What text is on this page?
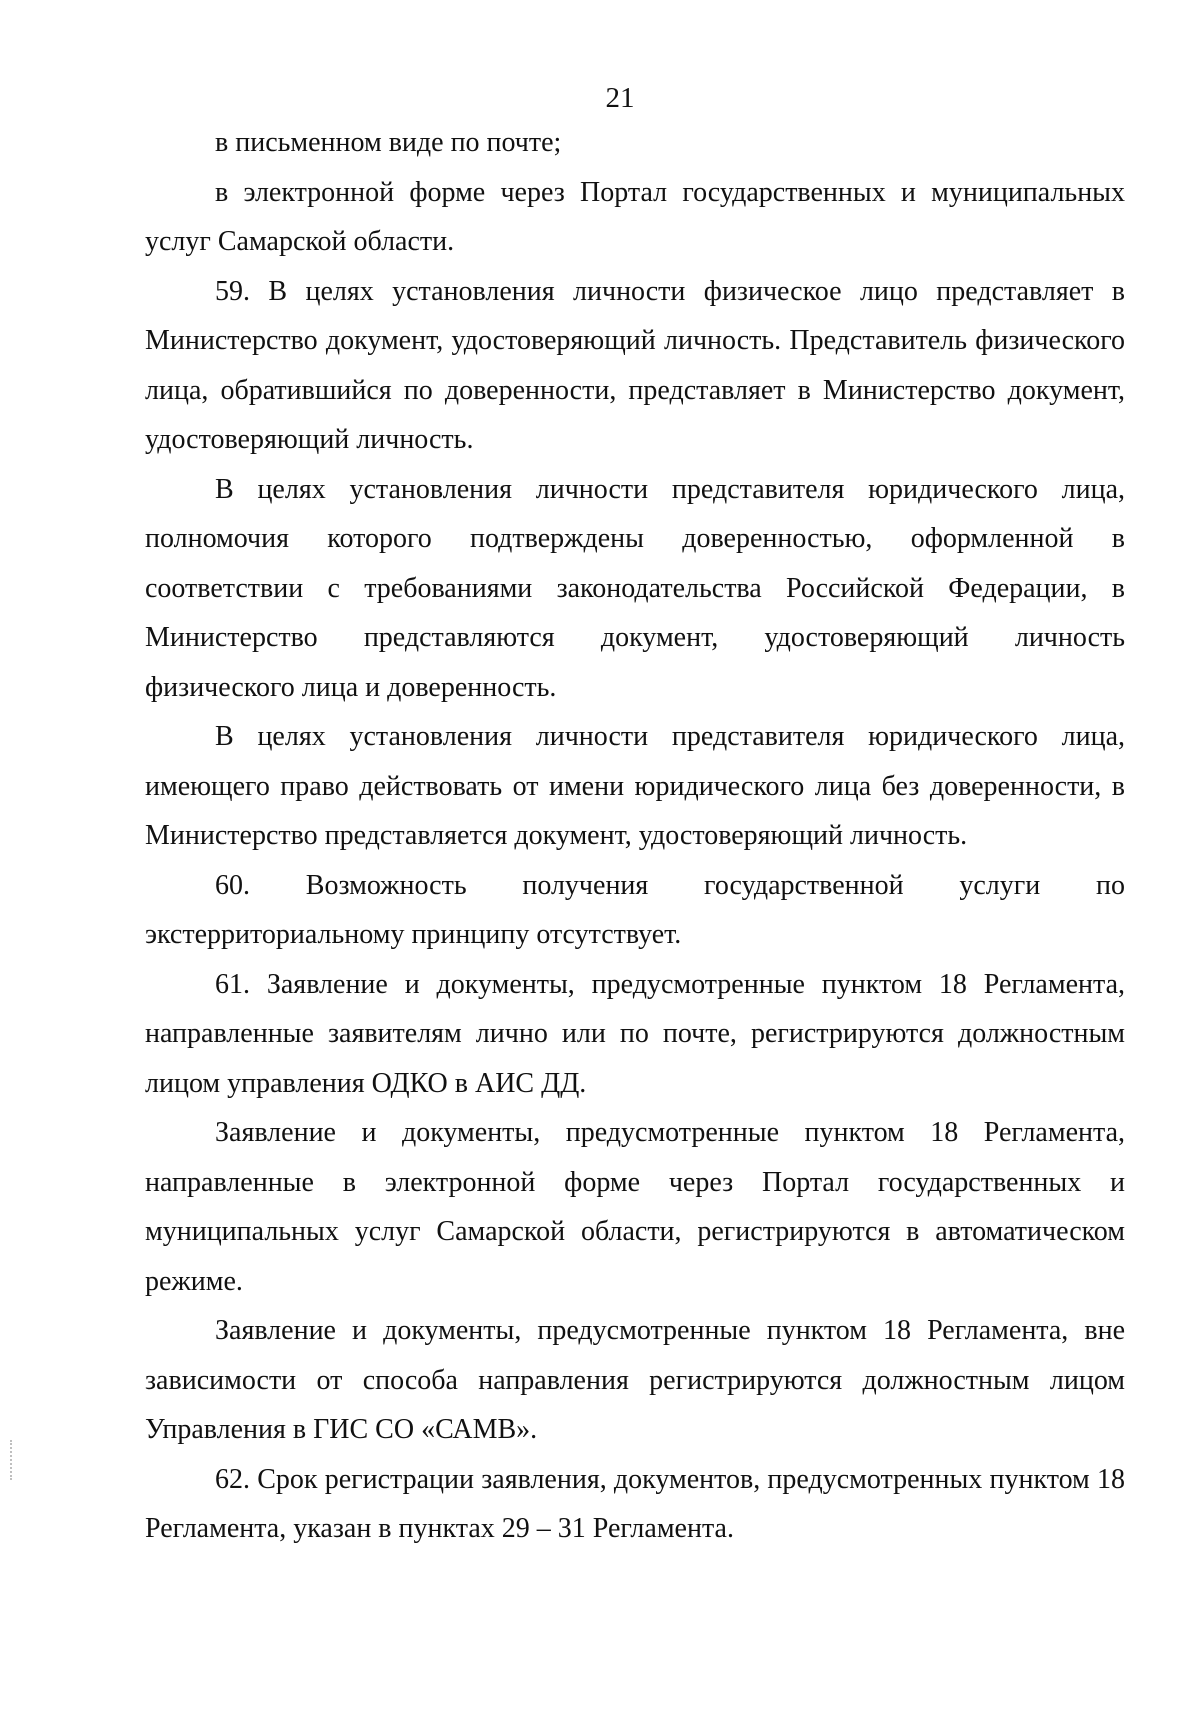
21

в письменном виде по почте;

в электронной форме через Портал государственных и муниципальных услуг Самарской области.

59. В целях установления личности физическое лицо представляет в Министерство документ, удостоверяющий личность. Представитель физического лица, обратившийся по доверенности, представляет в Министерство документ, удостоверяющий личность.

В целях установления личности представителя юридического лица, полномочия которого подтверждены доверенностью, оформленной в соответствии с требованиями законодательства Российской Федерации, в Министерство представляются документ, удостоверяющий личность физического лица и доверенность.

В целях установления личности представителя юридического лица, имеющего право действовать от имени юридического лица без доверенности, в Министерство представляется документ, удостоверяющий личность.

60. Возможность получения государственной услуги по экстерриториальному принципу отсутствует.

61. Заявление и документы, предусмотренные пунктом 18 Регламента, направленные заявителям лично или по почте, регистрируются должностным лицом управления ОДКО в АИС ДД.

Заявление и документы, предусмотренные пунктом 18 Регламента, направленные в электронной форме через Портал государственных и муниципальных услуг Самарской области, регистрируются в автоматическом режиме.

Заявление и документы, предусмотренные пунктом 18 Регламента, вне зависимости от способа направления регистрируются должностным лицом Управления в ГИС СО «САМВ».

62. Срок регистрации заявления, документов, предусмотренных пунктом 18 Регламента, указан в пунктах 29 – 31 Регламента.
